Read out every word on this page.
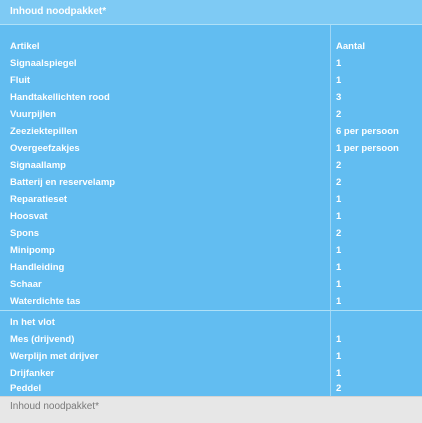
Inhoud noodpakket*
Artikel	Aantal
Signaalspiegel	1
Fluit	1
Handtakellichten rood	3
Vuurpijlen	2
Zeeziektepillen	6 per persoon
Overgeefzakjes	1 per persoon
Signaallamp	2
Batterij en reservelamp	2
Reparatieset	1
Hoosvat	1
Spons	2
Minipomp	1
Handleiding	1
Schaar	1
Waterdichte tas	1
In het vlot
Mes (drijvend)	1
Werplijn met drijver	1
Drijfanker	1
Peddel	2
Inhoud noodpakket*
